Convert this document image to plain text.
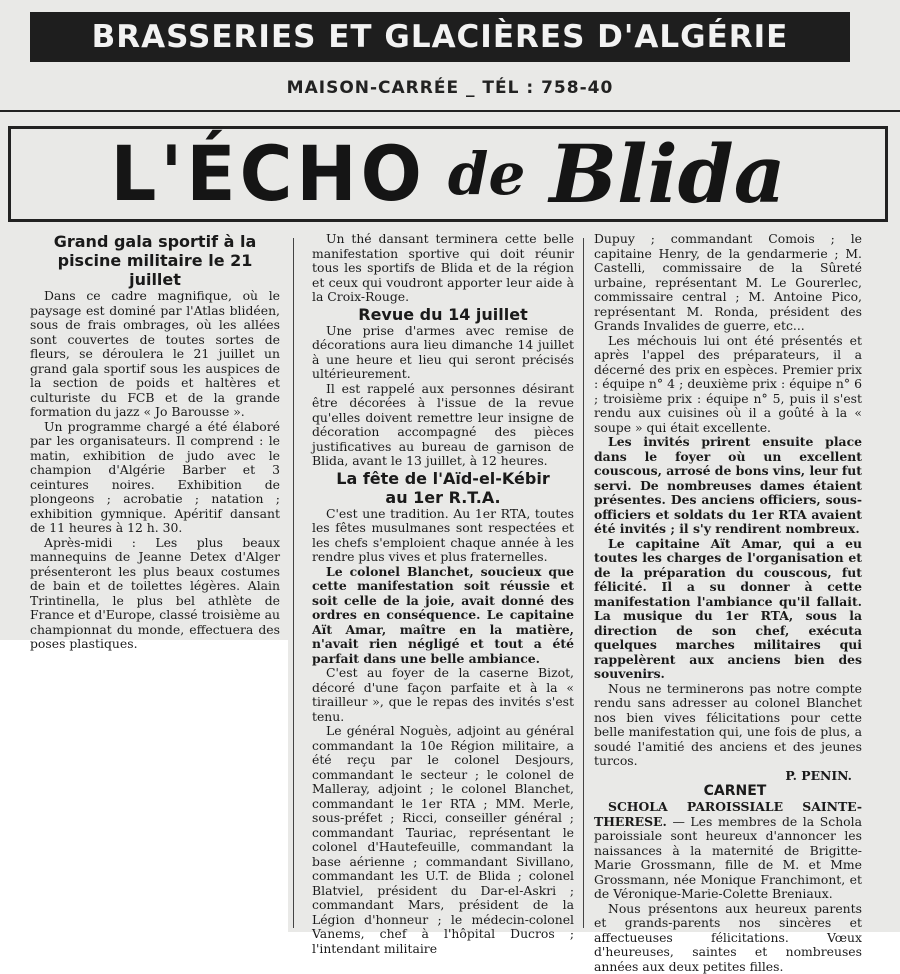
BRASSERIES ET GLACIÈRES D'ALGÉRIE
MAISON-CARRÉE _ TÉL : 758-40
L'ÉCHO de Blida

Grand gala sportif à la piscine militaire le 21 juillet

Dans ce cadre magnifique, où le paysage est dominé par l'Atlas blidéen, sous de frais ombrages, où les allées sont couvertes de toutes sortes de fleurs, se déroulera le 21 juillet un grand gala sportif sous les auspices de la section de poids et haltères et culturiste du FCB et de la grande formation du jazz « Jo Barousse ».

Un programme chargé a été élaboré par les organisateurs. Il comprend : le matin, exhibition de judo avec le champion d'Algérie Barber et 3 ceintures noires. Exhibition de plongeons ; acrobatie ; natation ; exhibition gymnique. Apéritif dansant de 11 heures à 12 h. 30.

Après-midi : Les plus beaux mannequins de Jeanne Detex d'Alger présenteront les plus beaux costumes de bain et de toilettes légères. Alain Trintinella, le plus bel athlète de France et d'Europe, classé troisième au championnat du monde, effectuera des poses plastiques.

Un thé dansant terminera cette belle manifestation sportive qui doit réunir tous les sportifs de Blida et de la région et ceux qui voudront apporter leur aide à la Croix-Rouge.

Revue du 14 juillet

Une prise d'armes avec remise de décorations aura lieu dimanche 14 juillet à une heure et lieu qui seront précisés ultérieurement.

Il est rappelé aux personnes désirant être décorées à l'issue de la revue qu'elles doivent remettre leur insigne de décoration accompagné des pièces justificatives au bureau de garnison de Blida, avant le 13 juillet, à 12 heures.

La fête de l'Aïd-el-Kébir

au 1er R.T.A.

C'est une tradition. Au 1er RTA, toutes les fêtes musulmanes sont respectées et les chefs s'emploient chaque année à les rendre plus vives et plus fraternelles.

Le colonel Blanchet, soucieux que cette manifestation soit réussie et soit celle de la joie, avait donné des ordres en conséquence. Le capitaine Aït Amar, maître en la matière, n'avait rien négligé et tout a été parfait dans une belle ambiance.

C'est au foyer de la caserne Bizot, décoré d'une façon parfaite et à la « tirailleur », que le repas des invités s'est tenu.

Le général Noguès, adjoint au général commandant la 10e Région militaire, a été reçu par le colonel Desjours, commandant le secteur ; le colonel de Malleray, adjoint ; le colonel Blanchet, commandant le 1er RTA ; MM. Merle, sous-préfet ; Ricci, conseiller général ; commandant Tauriac, représentant le colonel d'Hautefeuille, commandant la base aérienne ; commandant Sivillano, commandant les U.T. de Blida ; colonel Blatviel, président du Dar-el-Askri ; commandant Mars, président de la Légion d'honneur ; le médecin-colonel Vanems, chef à l'hôpital Ducros ; l'intendant militaire

Dupuy ; commandant Comois ; le capitaine Henry, de la gendarmerie ; M. Castelli, commissaire de la Sûreté urbaine, représentant M. Le Gourerlec, commissaire central ; M. Antoine Pico, représentant M. Ronda, président des Grands Invalides de guerre, etc...

Les méchouis lui ont été présentés et après l'appel des préparateurs, il a décerné des prix en espèces. Premier prix : équipe n° 4 ; deuxième prix : équipe n° 6 ; troisième prix : équipe n° 5, puis il s'est rendu aux cuisines où il a goûté à la « soupe » qui était excellente.

Les invités prirent ensuite place dans le foyer où un excellent couscous, arrosé de bons vins, leur fut servi. De nombreuses dames étaient présentes. Des anciens officiers, sous-officiers et soldats du 1er RTA avaient été invités ; il s'y rendirent nombreux.

Le capitaine Aït Amar, qui a eu toutes les charges de l'organisation et de la préparation du couscous, fut félicité. Il a su donner à cette manifestation l'ambiance qu'il fallait. La musique du 1er RTA, sous la direction de son chef, exécuta quelques marches militaires qui rappelèrent aux anciens bien des souvenirs.

Nous ne terminerons pas notre compte rendu sans adresser au colonel Blanchet nos bien vives félicitations pour cette belle manifestation qui, une fois de plus, a soudé l'amitié des anciens et des jeunes turcos.

P. PENIN.

CARNET

SCHOLA PAROISSIALE SAINTE-THERESE. — Les membres de la Schola paroissiale sont heureux d'annoncer les naissances à la maternité de Brigitte-Marie Grossmann, fille de M. et Mme Grossmann, née Monique Franchimont, et de Véronique-Marie-Colette Breniaux.

Nous présentons aux heureux parents et grands-parents nos sincères et affectueuses félicitations. Vœux d'heureuses, saintes et nombreuses années aux deux petites filles.
